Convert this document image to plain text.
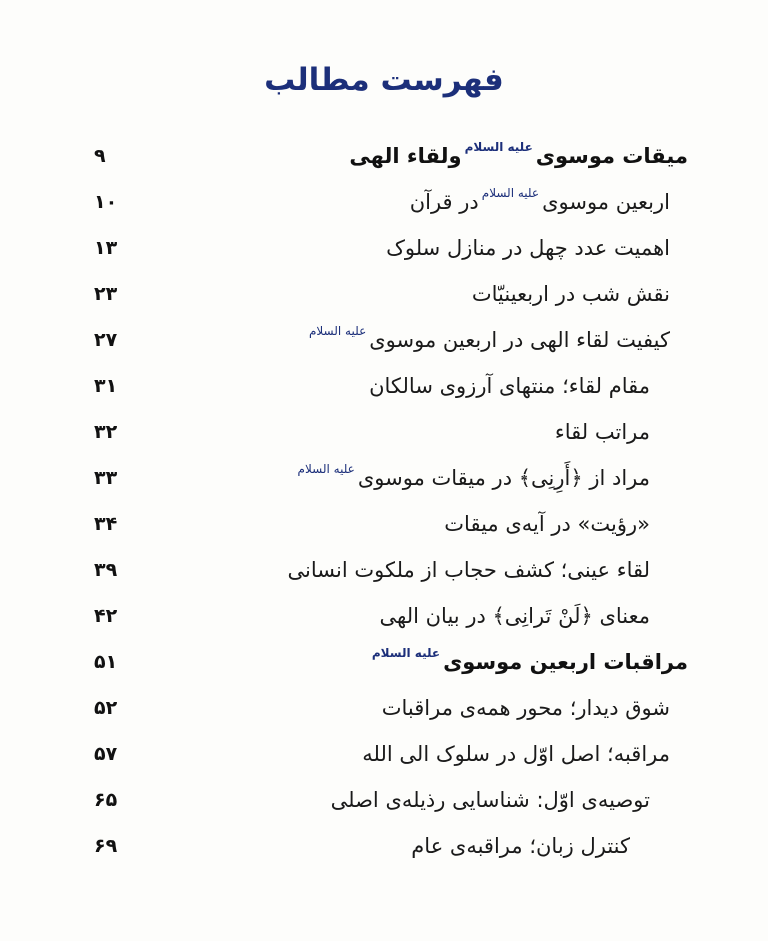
فهرست مطالب
میقات موسویعليه السلامولقاء الهی
۹
اربعین موسویعليه السلامدر قرآن
۱۰
اهمیت عدد چهل در منازل سلوک
۱۳
نقش شب در اربعینیّات
۲۳
کیفیت لقاء الهی در اربعین موسویعليه السلام
۲۷
مقام لقاء؛ منتهای آرزوی سالکان
۳۱
مراتب لقاء
۳۲
مراد از ﴿أَرِنِی﴾ در میقات موسویعليه السلام
۳۳
«رؤیت» در آیه‌ی میقات
۳۴
لقاء عینی؛ کشف حجاب از ملکوت انسانی
۳۹
معنای ﴿لَنْ تَرانِی﴾ در بیان الهی
۴۲
مراقبات اربعین موسویعليه السلام
۵۱
شوق دیدار؛ محور همه‌ی مراقبات
۵۲
مراقبه؛ اصل اوّل در سلوک الی الله
۵۷
توصیه‌ی اوّل: شناسایی رذیله‌ی اصلی
۶۵
کنترل زبان؛ مراقبه‌ی عام
۶۹
